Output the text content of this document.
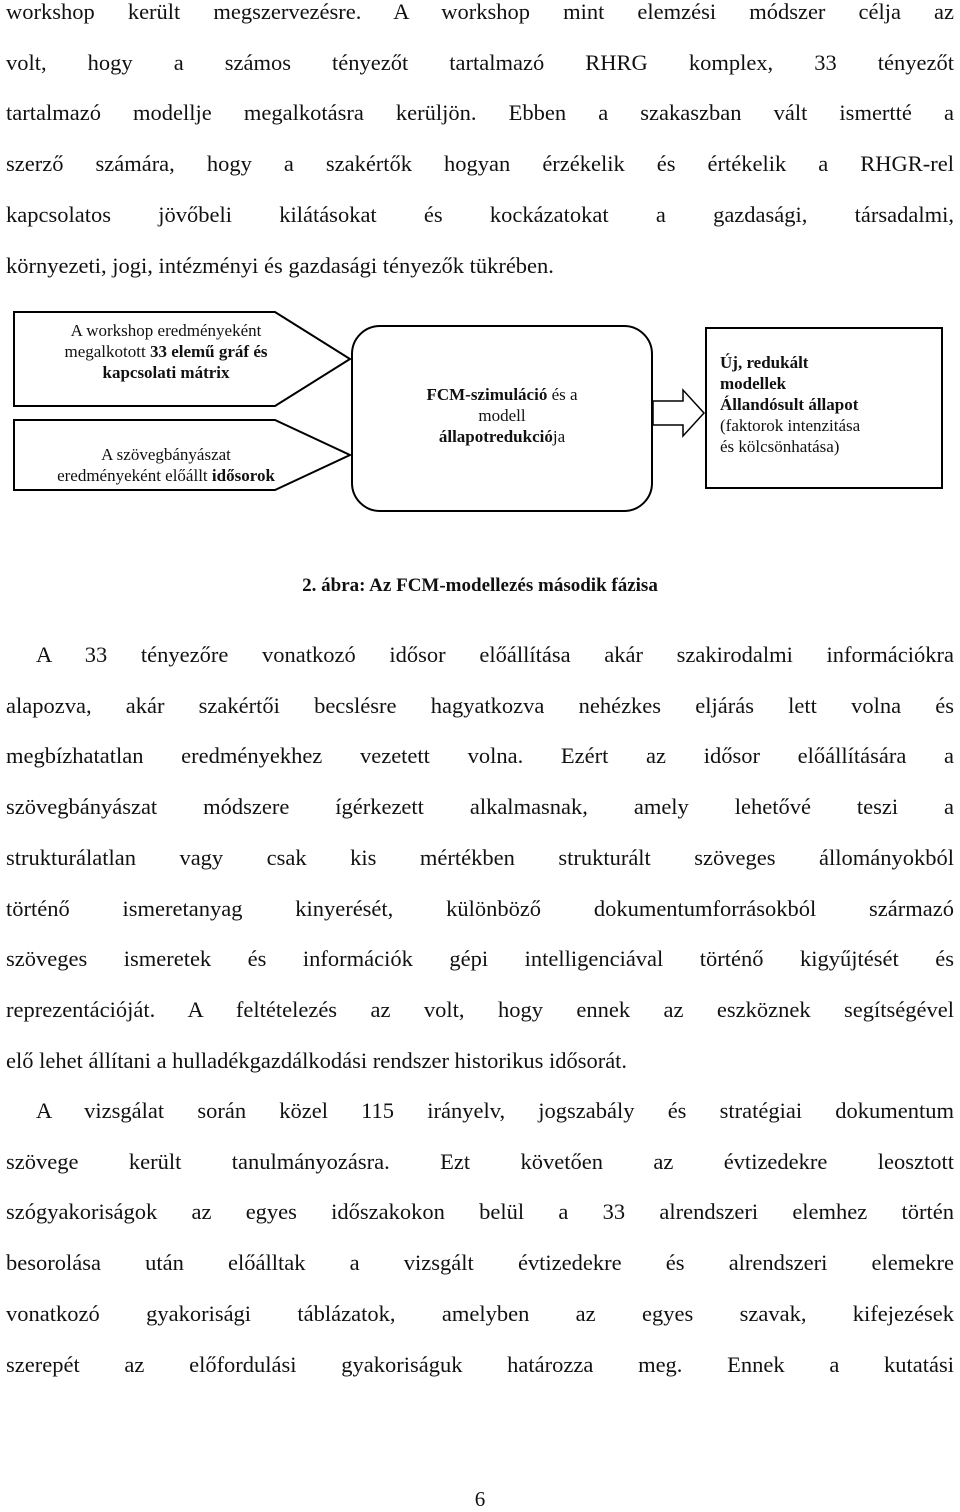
workshop került megszervezésre. A workshop mint elemzési módszer célja az
volt, hogy a számos tényezőt tartalmazó RHRG komplex, 33 tényezőt
tartalmazó modellje megalkotásra kerüljön. Ebben a szakaszban vált ismertté a
szerző számára, hogy a szakértők hogyan érzékelik és értékelik a RHGR-rel
kapcsolatos jövőbeli kilátásokat és kockázatokat a gazdasági, társadalmi,
környezeti, jogi, intézményi és gazdasági tényezők tükrében.
A workshop eredményeként
megalkotott 33 elemű gráf és
kapcsolati mátrix
A szövegbányászat
eredményeként előállt idősorok
FCM-szimuláció és a
modell
állapotredukciója
Új, redukált
modellek
Állandósult állapot
(faktorok intenzitása
és kölcsönhatása)
2. ábra: Az FCM-modellezés második fázisa
A 33 tényezőre vonatkozó idősor előállítása akár szakirodalmi információkra
alapozva, akár szakértői becslésre hagyatkozva nehézkes eljárás lett volna és
megbízhatatlan eredményekhez vezetett volna. Ezért az idősor előállítására a
szövegbányászat módszere ígérkezett alkalmasnak, amely lehetővé teszi a
strukturálatlan vagy csak kis mértékben strukturált szöveges állományokból
történő ismeretanyag kinyerését, különböző dokumentumforrásokból származó
szöveges ismeretek és információk gépi intelligenciával történő kigyűjtését és
reprezentációját. A feltételezés az volt, hogy ennek az eszköznek segítségével
elő lehet állítani a hulladékgazdálkodási rendszer historikus idősorát.
A vizsgálat során közel 115 irányelv, jogszabály és stratégiai dokumentum
szövege került tanulmányozásra. Ezt követően az évtizedekre leosztott
szógyakoriságok az egyes időszakokon belül a 33 alrendszeri elemhez történ
besorolása után előálltak a vizsgált évtizedekre és alrendszeri elemekre
vonatkozó gyakorisági táblázatok, amelyben az egyes szavak, kifejezések
szerepét az előfordulási gyakoriságuk határozza meg. Ennek a kutatási
6
